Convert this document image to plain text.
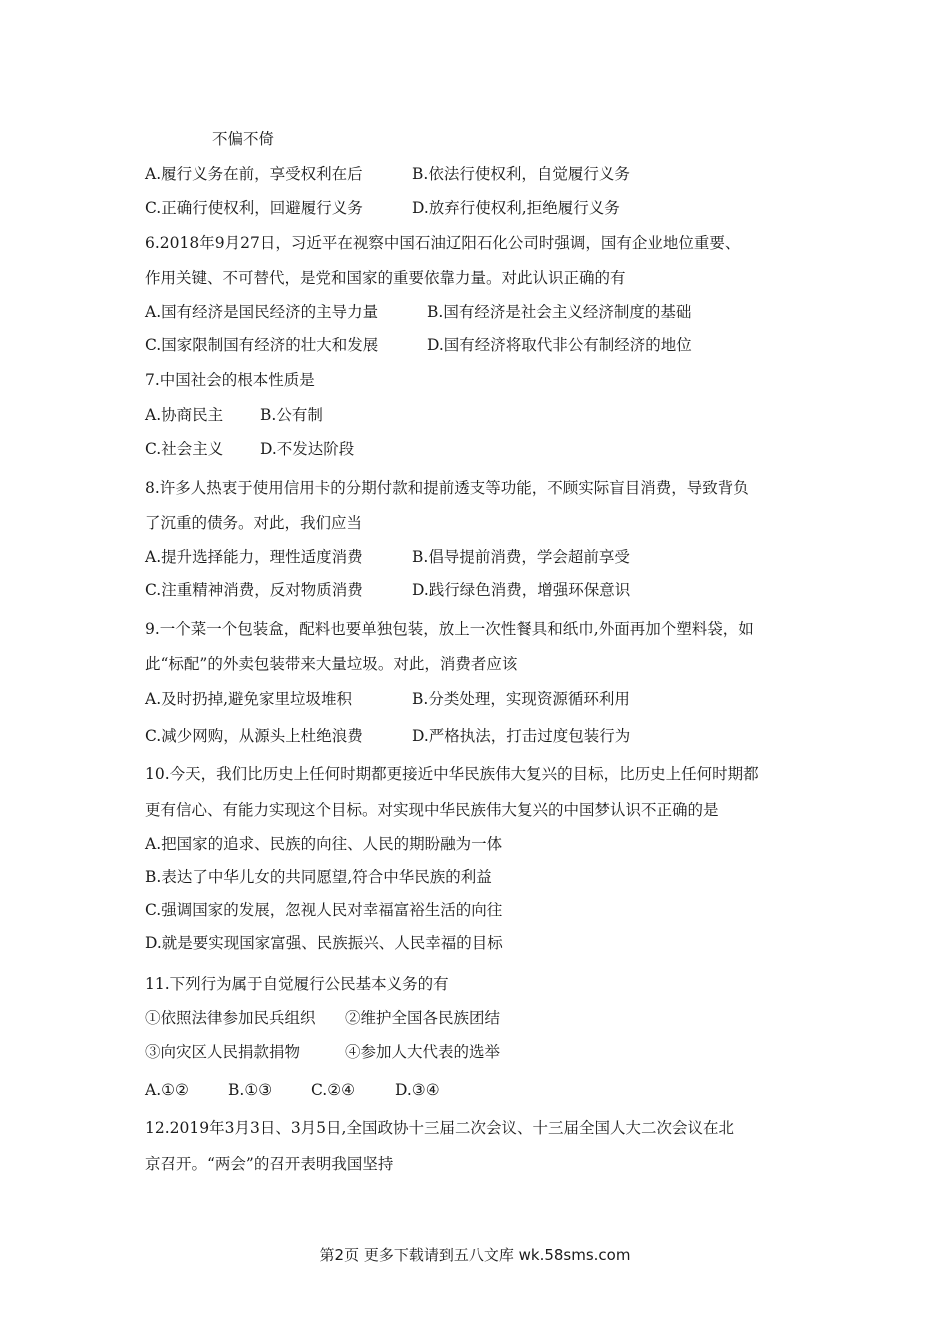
不偏不倚
A.履行义务在前，享受权利在后	B.依法行使权利，自觉履行义务
C.正确行使权利，回避履行义务	D.放弃行使权利,拒绝履行义务
6.2018年9月27日，习近平在视察中国石油辽阳石化公司时强调，国有企业地位重要、
作用关键、不可替代，是党和国家的重要依靠力量。对此认识正确的有
A.国有经济是国民经济的主导力量	B.国有经济是社会主义经济制度的基础
C.国家限制国有经济的壮大和发展	D.国有经济将取代非公有制经济的地位
7.中国社会的根本性质是
A.协商民主 B.公有制
C.社会主义 D.不发达阶段
8.许多人热衷于使用信用卡的分期付款和提前透支等功能，不顾实际盲目消费，导致背负
了沉重的债务。对此，我们应当
A.提升选择能力，理性适度消费	B.倡导提前消费，学会超前享受
C.注重精神消费，反对物质消费	D.践行绿色消费，增强环保意识
9.一个菜一个包装盒，配料也要单独包装，放上一次性餐具和纸巾,外面再加个塑料袋，如
此“标配”的外卖包装带来大量垃圾。对此，消费者应该
A.及时扔掉,避免家里垃圾堆积	B.分类处理，实现资源循环利用
C.减少网购，从源头上杜绝浪费	D.严格执法，打击过度包装行为
10.今天，我们比历史上任何时期都更接近中华民族伟大复兴的目标，比历史上任何时期都
更有信心、有能力实现这个目标。对实现中华民族伟大复兴的中国梦认识不正确的是
A.把国家的追求、民族的向往、人民的期盼融为一体
B.表达了中华儿女的共同愿望,符合中华民族的利益
C.强调国家的发展，忽视人民对幸福富裕生活的向往
D.就是要实现国家富强、民族振兴、人民幸福的目标
11.下列行为属于自觉履行公民基本义务的有
①依照法律参加民兵组织 ②维护全国各民族团结
③向灾区人民捐款捐物	④参加人大代表的选举
A.①②	B.①③	C.②④	D.③④
12.2019年3月3日、3月5日,全国政协十三届二次会议、十三届全国人大二次会议在北
京召开。“两会”的召开表明我国坚持
第2页 更多下载请到五八文库 wk.58sms.com
